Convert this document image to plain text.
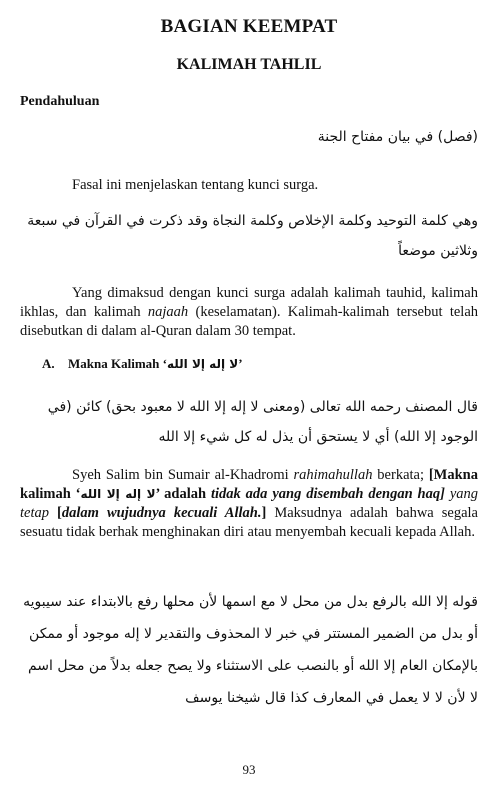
BAGIAN KEEMPAT
KALIMAH TAHLIL
Pendahuluan
(فصل) في بيان مفتاح الجنة
Fasal ini menjelaskan tentang kunci surga.
وهي كلمة التوحيد وكلمة الإخلاص وكلمة النجاة وقد ذكرت في القرآن في سبعة وثلاثين موضعاً
Yang dimaksud dengan kunci surga adalah kalimah tauhid, kalimah ikhlas, dan kalimah najaah (keselamatan). Kalimah-kalimah tersebut telah disebutkan di dalam al-Quran dalam 30 tempat.
A. Makna Kalimah ‘لا إله إلا الله’
قال المصنف رحمه الله تعالى (ومعنى لا إله إلا الله لا معبود بحق) كائن (في الوجود إلا الله) أي لا يستحق أن يذل له كل شيء إلا الله
Syeh Salim bin Sumair al-Khadromi rahimahullah berkata; [Makna kalimah ‘لا إله إلا الله’ adalah tidak ada yang disembah dengan haq] yang tetap [dalam wujudnya kecuali Allah.] Maksudnya adalah bahwa segala sesuatu tidak berhak menghinakan diri atau menyembah kecuali kepada Allah.
قوله إلا الله بالرفع بدل من محل لا مع اسمها لأن محلها رفع بالابتداء عند سيبويه أو بدل من الضمير المستتر في خبر لا المحذوف والتقدير لا إله موجود أو ممكن بالإمكان العام إلا الله أو بالنصب على الاستثناء ولا يصح جعله بدلاً من محل اسم لا لأن لا لا يعمل في المعارف كذا قال شيخنا يوسف
93
